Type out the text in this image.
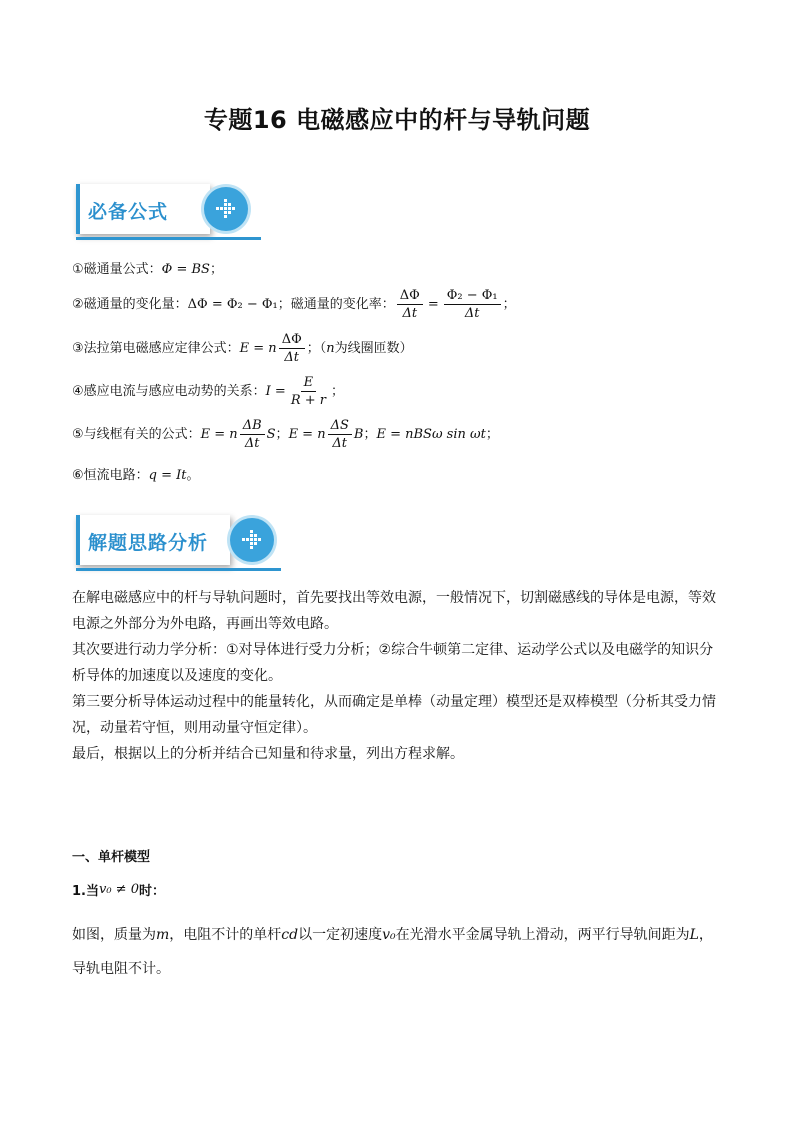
专题16 电磁感应中的杆与导轨问题
必备公式
①磁通量公式： Φ = BS ；
②磁通量的变化量： ΔΦ = Φ₂ − Φ₁ ；磁通量的变化率： $\frac{\Delta\Phi}{\Delta t} = \frac{\text{Φ₂ − Φ₁}}{\Delta t}$ ；
③法拉第电磁感应定律公式： E = n $\frac{\Delta\Phi}{\Delta t}$ ；（ n 为线圈匝数）
④感应电流与感应电动势的关系： $I = \frac{E}{R + r}$ ；
⑤与线框有关的公式： E = n $\frac{\Delta B}{\Delta t}$ S ； E = n $\frac{\Delta S}{\Delta t}$ B ； E = nBSω sin ωt ；
⑥恒流电路： q = It 。
解题思路分析
在解电磁感应中的杆与导轨问题时，首先要找出等效电源，一般情况下，切割磁感线的导体是电源，等效
电源之外部分为外电路，再画出等效电路。
其次要进行动力学分析：①对导体进行受力分析；②综合牛顿第二定律、运动学公式以及电磁学的知识分
析导体的加速度以及速度的变化。
第三要分析导体运动过程中的能量转化，从而确定是单棒（动量定理）模型还是双棒模型（分析其受力情
况，动量若守恒，则用动量守恒定律）。
最后，根据以上的分析并结合已知量和待求量，列出方程求解。
一、单杆模型
1.当 v₀ ≠ 0 时：
如图，质量为m，电阻不计的单杆cd以一定初速度v₀在光滑水平金属导轨上滑动，两平行导轨间距为L，
导轨电阻不计。
